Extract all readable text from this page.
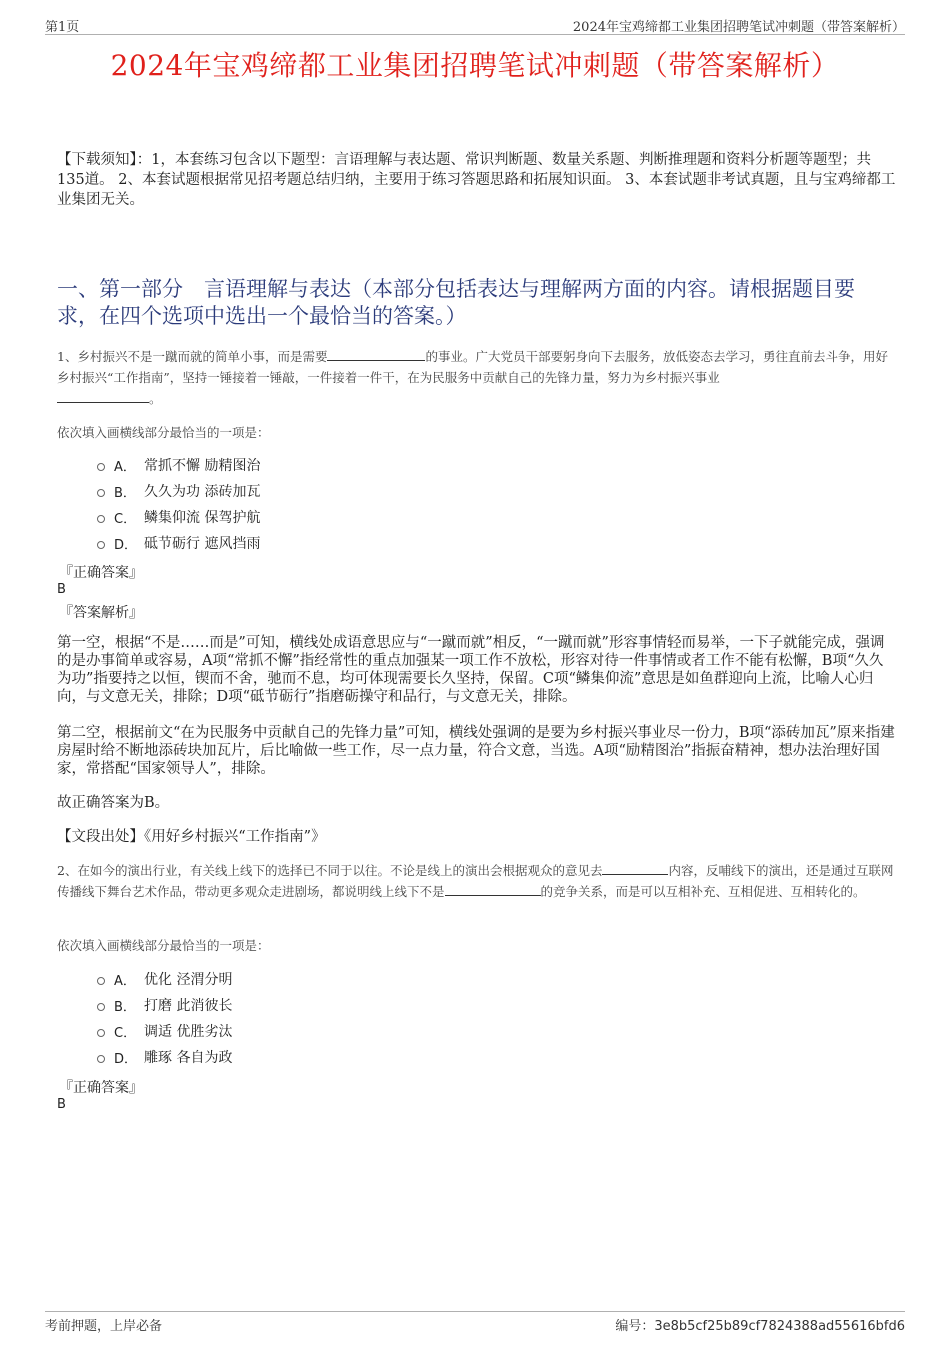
第1页	2024年宝鸡缔都工业集团招聘笔试冲刺题（带答案解析）
2024年宝鸡缔都工业集团招聘笔试冲刺题（带答案解析）
【下载须知】：1，本套练习包含以下题型：言语理解与表达题、常识判断题、数量关系题、判断推理题和资料分析题等题型；共135道。 2、本套试题根据常见招考题总结归纳，主要用于练习答题思路和拓展知识面。 3、本套试题非考试真题，且与宝鸡缔都工业集团无关。
一、第一部分　言语理解与表达（本部分包括表达与理解两方面的内容。请根据题目要求，在四个选项中选出一个最恰当的答案。）
1、乡村振兴不是一蹴而就的简单小事，而是需要	的事业。广大党员干部要躬身向下去服务，放低姿态去学习，勇往直前去斗争，用好乡村振兴“工作指南”，坚持一锤接着一锤敲，一件接着一件干，在为民服务中贡献自己的先锋力量，努力为乡村振兴事业
。
依次填入画横线部分最恰当的一项是：
A． 常抓不懈 励精图治
B． 久久为功 添砖加瓦
C． 鳞集仰流 保驾护航
D． 砥节砺行 遮风挡雨
『正确答案』
B
『答案解析』
第一空，根据“不是……而是”可知，横线处成语意思应与“一蹴而就”相反，“一蹴而就”形容事情轻而易举，一下子就能完成，强调的是办事简单或容易，A项“常抓不懈”指经常性的重点加强某一项工作不放松，形容对待一件事情或者工作不能有松懈，B项“久久为功”指要持之以恒，锲而不舍，驰而不息，均可体现需要长久坚持，保留。C项“鳞集仰流”意思是如鱼群迎向上流，比喻人心归向，与文意无关，排除；D项“砥节砺行”指磨砺操守和品行，与文意无关，排除。
第二空，根据前文“在为民服务中贡献自己的先锋力量”可知，横线处强调的是要为乡村振兴事业尽一份力，B项“添砖加瓦”原来指建房屋时给不断地添砖块加瓦片，后比喻做一些工作，尽一点力量，符合文意，当选。A项“励精图治”指振奋精神，想办法治理好国家，常搭配“国家领导人”，排除。
故正确答案为B。
【文段出处】《用好乡村振兴“工作指南”》
2、在如今的演出行业，有关线上线下的选择已不同于以往。不论是线上的演出会根据观众的意见去	内容，反哺线下的演出，还是通过互联网传播线下舞台艺术作品，带动更多观众走进剧场，都说明线上线下不是	的竞争关系，而是可以互相补充、互相促进、互相转化的。
依次填入画横线部分最恰当的一项是：
A． 优化 泾渭分明
B． 打磨 此消彼长
C． 调适 优胜劣汰
D． 雕琢 各自为政
『正确答案』
B
考前押题，上岸必备	编号：3e8b5cf25b89cf7824388ad55616bfd6
